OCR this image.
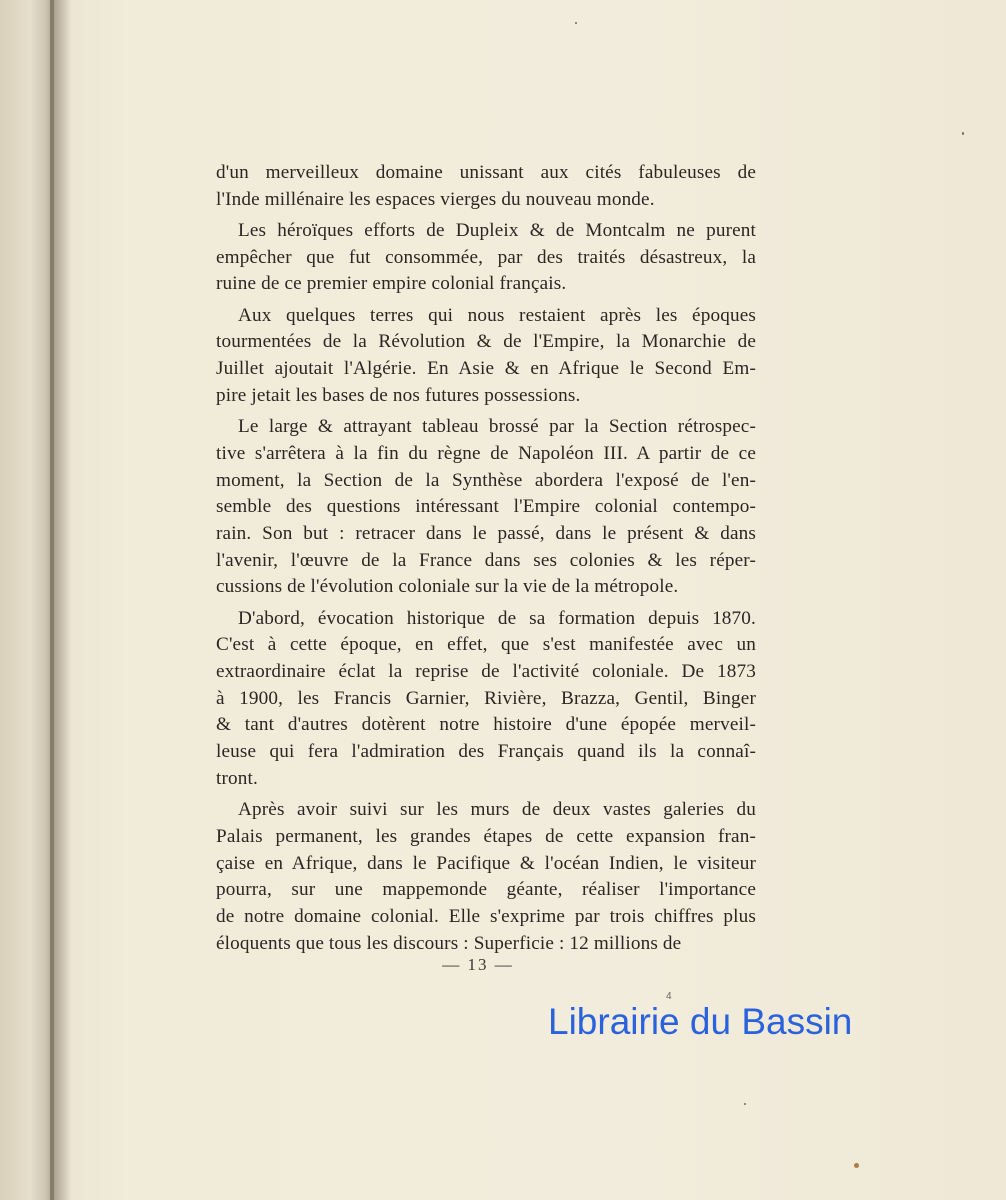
d'un merveilleux domaine unissant aux cités fabuleuses de
l'Inde millénaire les espaces vierges du nouveau monde.

Les héroïques efforts de Dupleix & de Montcalm ne purent
empêcher que fut consommée, par des traités désastreux, la
ruine de ce premier empire colonial français.

Aux quelques terres qui nous restaient après les époques
tourmentées de la Révolution & de l'Empire, la Monarchie de
Juillet ajoutait l'Algérie. En Asie & en Afrique le Second Em-
pire jetait les bases de nos futures possessions.

Le large & attrayant tableau brossé par la Section rétrospec-
tive s'arrêtera à la fin du règne de Napoléon III. A partir de ce
moment, la Section de la Synthèse abordera l'exposé de l'en-
semble des questions intéressant l'Empire colonial contempo-
rain. Son but : retracer dans le passé, dans le présent & dans
l'avenir, l'œuvre de la France dans ses colonies & les réper-
cussions de l'évolution coloniale sur la vie de la métropole.

D'abord, évocation historique de sa formation depuis 1870.
C'est à cette époque, en effet, que s'est manifestée avec un
extraordinaire éclat la reprise de l'activité coloniale. De 1873
à 1900, les Francis Garnier, Rivière, Brazza, Gentil, Binger
& tant d'autres dotèrent notre histoire d'une épopée merveil-
leuse qui fera l'admiration des Français quand ils la connaî-
tront.

Après avoir suivi sur les murs de deux vastes galeries du
Palais permanent, les grandes étapes de cette expansion fran-
çaise en Afrique, dans le Pacifique & l'océan Indien, le visiteur
pourra, sur une mappemonde géante, réaliser l'importance
de notre domaine colonial. Elle s'exprime par trois chiffres plus
éloquents que tous les discours : Superficie : 12 millions de

— 13 —
4
Librairie du Bassin
